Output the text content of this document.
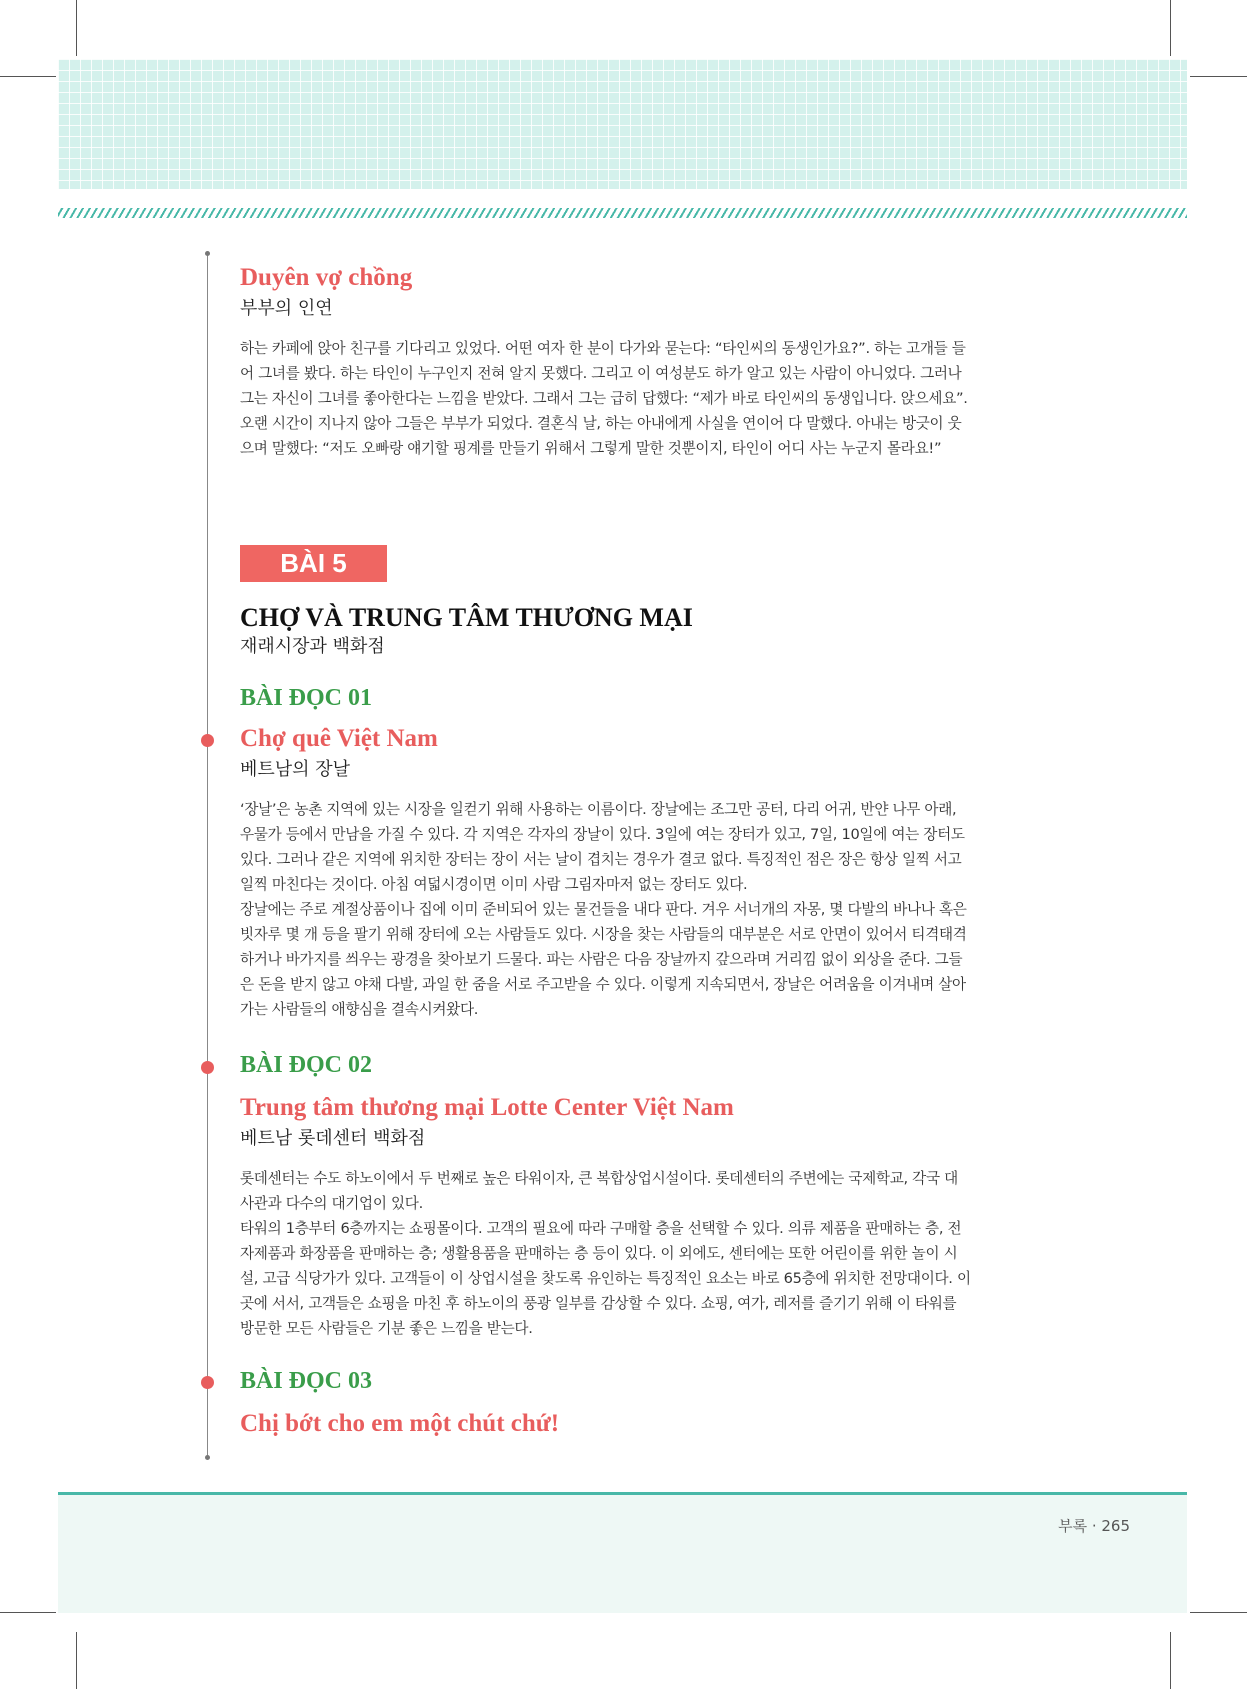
Duyên vợ chồng

부부의 인연

하는 카페에 앉아 친구를 기다리고 있었다. 어떤 여자 한 분이 다가와 묻는다: “타인씨의 동생인가요?”. 하는 고개들 들
어 그녀를 봤다. 하는 타인이 누구인지 전혀 알지 못했다. 그리고 이 여성분도 하가 알고 있는 사람이 아니었다. 그러나
그는 자신이 그녀를 좋아한다는 느낌을 받았다. 그래서 그는 급히 답했다: “제가 바로 타인씨의 동생입니다. 앉으세요”.
오랜 시간이 지나지 않아 그들은 부부가 되었다. 결혼식 날, 하는 아내에게 사실을 연이어 다 말했다. 아내는 방긋이 웃
으며 말했다: “저도 오빠랑 얘기할 핑계를 만들기 위해서 그렇게 말한 것뿐이지, 타인이 어디 사는 누군지 몰라요!”
BÀI 5
CHỢ VÀ TRUNG TÂM THƯƠNG MẠI

재래시장과 백화점

BÀI ĐỌC 01
Chợ quê Việt Nam

베트남의 장날

‘장날’은 농촌 지역에 있는 시장을 일컫기 위해 사용하는 이름이다. 장날에는 조그만 공터, 다리 어귀, 반얀 나무 아래,
우물가 등에서 만남을 가질 수 있다. 각 지역은 각자의 장날이 있다. 3일에 여는 장터가 있고, 7일, 10일에 여는 장터도
있다. 그러나 같은 지역에 위치한 장터는 장이 서는 날이 겹치는 경우가 결코 없다. 특징적인 점은 장은 항상 일찍 서고
일찍 마친다는 것이다. 아침 여덟시경이면 이미 사람 그림자마저 없는 장터도 있다.
장날에는 주로 계절상품이나 집에 이미 준비되어 있는 물건들을 내다 판다. 겨우 서너개의 자몽, 몇 다발의 바나나 혹은
빗자루 몇 개 등을 팔기 위해 장터에 오는 사람들도 있다. 시장을 찾는 사람들의 대부분은 서로 안면이 있어서 티격태격
하거나 바가지를 씌우는 광경을 찾아보기 드물다. 파는 사람은 다음 장날까지 갚으라며 거리낌 없이 외상을 준다. 그들
은 돈을 받지 않고 야채 다발, 과일 한 줌을 서로 주고받을 수 있다. 이렇게 지속되면서, 장날은 어려움을 이겨내며 살아
가는 사람들의 애향심을 결속시켜왔다.
BÀI ĐỌC 02
Trung tâm thương mại Lotte Center Việt Nam

베트남 롯데센터 백화점

롯데센터는 수도 하노이에서 두 번째로 높은 타워이자, 큰 복합상업시설이다. 롯데센터의 주변에는 국제학교, 각국 대
사관과 다수의 대기업이 있다.
타워의 1층부터 6층까지는 쇼핑몰이다. 고객의 필요에 따라 구매할 층을 선택할 수 있다. 의류 제품을 판매하는 층, 전
자제품과 화장품을 판매하는 층; 생활용품을 판매하는 층 등이 있다. 이 외에도, 센터에는 또한 어린이를 위한 놀이 시
설, 고급 식당가가 있다. 고객들이 이 상업시설을 찾도록 유인하는 특징적인 요소는 바로 65층에 위치한 전망대이다. 이
곳에 서서, 고객들은 쇼핑을 마친 후 하노이의 풍광 일부를 감상할 수 있다. 쇼핑, 여가, 레저를 즐기기 위해 이 타워를
방문한 모든 사람들은 기분 좋은 느낌을 받는다.
BÀI ĐỌC 03
Chị bớt cho em một chút chứ!
부록 · 265
